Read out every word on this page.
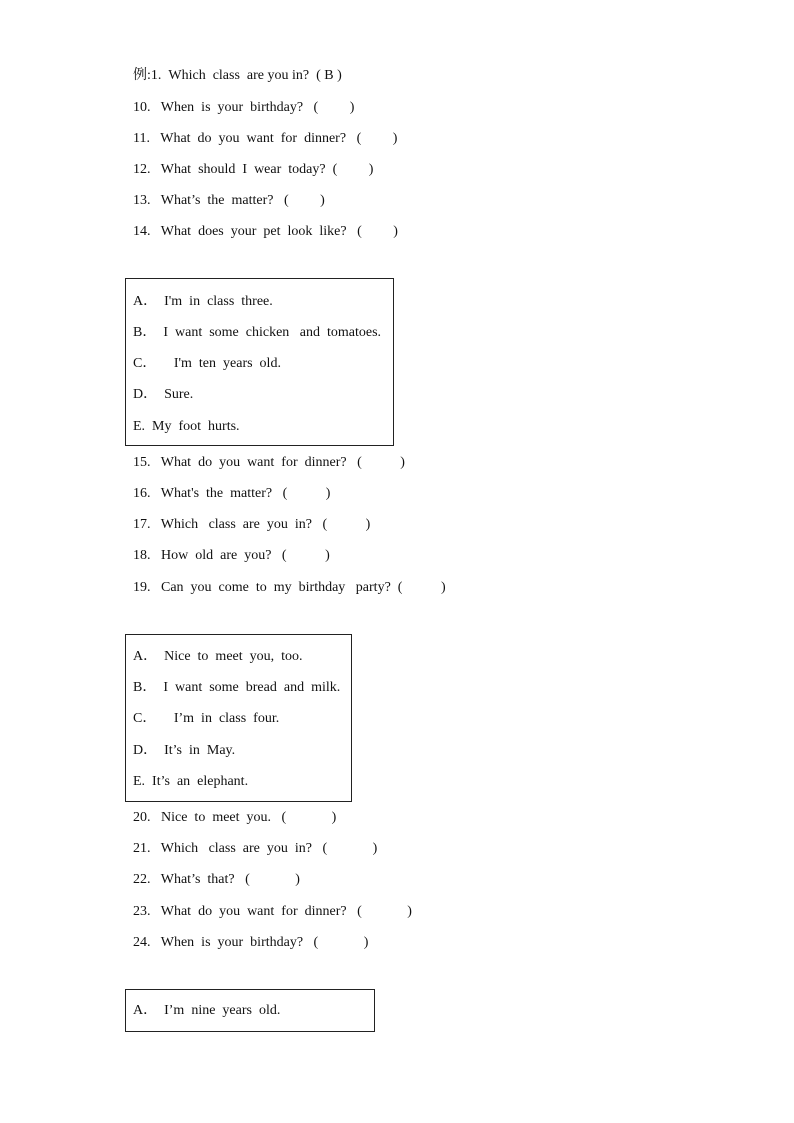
例:1.  Which  class  are you in?  ( B )
10.   When  is  your  birthday?   (         )
11.   What  do  you  want  for  dinner?   (         )
12.   What  should  I  wear  today?  (         )
13.   What’s  the  matter?   (         )
14.   What  does  your  pet  look  like?   (         )
A．  I'm  in  class  three.
B．  I  want  some  chicken   and  tomatoes.
C．     I'm  ten  years  old.
D．  Sure.
E.  My  foot  hurts.
15.   What  do  you  want  for  dinner?   (           )
16.   What's  the  matter?   (           )
17.   Which   class  are  you  in?   (           )
18.   How  old  are  you?   (           )
19.   Can  you  come  to  my  birthday   party?  (           )
A．  Nice  to  meet  you,  too.
B．  I  want  some  bread  and  milk.
C．     I’m  in  class  four.
D．  It’s  in  May.
E.  It’s  an  elephant.
20.   Nice  to  meet  you.   (             )
21.   Which   class  are  you  in?   (             )
22.   What’s  that?   (             )
23.   What  do  you  want  for  dinner?   (             )
24.   When  is  your  birthday?   (             )
A．  I’m  nine  years  old.
